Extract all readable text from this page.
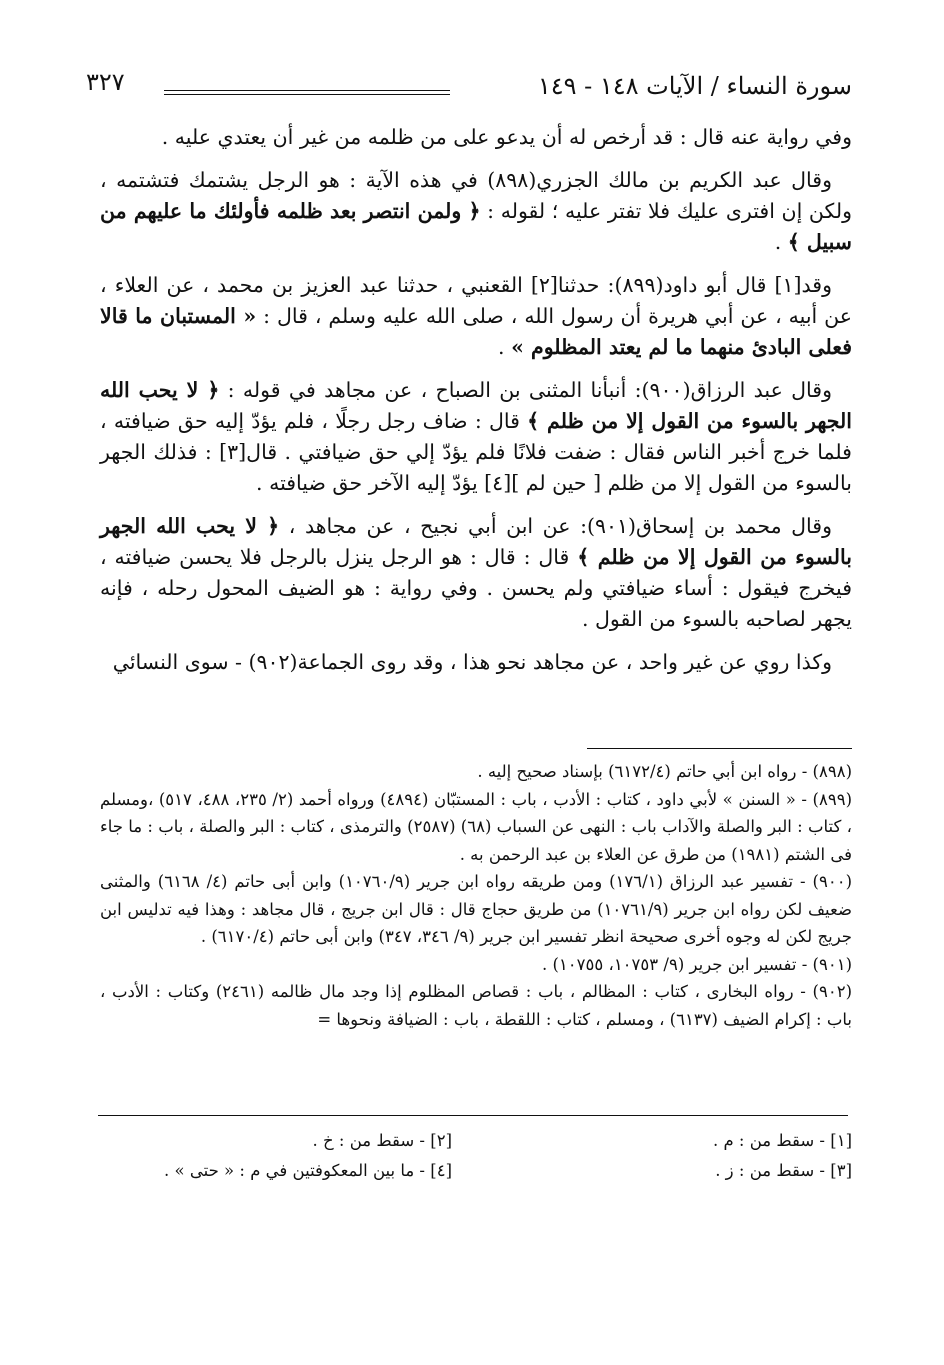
سورة النساء / الآيات ١٤٨ - ١٤٩
٣٢٧

وفي رواية عنه قال : قد أرخص له أن يدعو على من ظلمه من غير أن يعتدي عليه .

وقال عبد الكريم بن مالك الجزري(٨٩٨) في هذه الآية : هو الرجل يشتمك فتشتمه ، ولكن إن افترى عليك فلا تفتر عليه ؛ لقوله : ﴿ ولمن انتصر بعد ظلمه فأولئك ما عليهم من سبيل ﴾ .

وقد[١] قال أبو داود(٨٩٩): حدثنا[٢] القعنبي ، حدثنا عبد العزيز بن محمد ، عن العلاء ، عن أبيه ، عن أبي هريرة أن رسول الله ، صلى الله عليه وسلم ، قال : « المستبان ما قالا فعلى البادئ منهما ما لم يعتد المظلوم » .

وقال عبد الرزاق(٩٠٠): أنبأنا المثنى بن الصباح ، عن مجاهد في قوله : ﴿ لا يحب الله الجهر بالسوء من القول إلا من ظلم ﴾ قال : ضاف رجل رجلًا ، فلم يؤدّ إليه حق ضيافته ، فلما خرج أخبر الناس فقال : ضفت فلانًا فلم يؤدّ إلي حق ضيافتي . قال[٣] : فذلك الجهر بالسوء من القول إلا من ظلم [ حين لم ][٤] يؤدّ إليه الآخر حق ضيافته .

وقال محمد بن إسحاق(٩٠١): عن ابن أبي نجيح ، عن مجاهد ، ﴿ لا يحب الله الجهر بالسوء من القول إلا من ظلم ﴾ قال : قال : هو الرجل ينزل بالرجل فلا يحسن ضيافته ، فيخرج فيقول : أساء ضيافتي ولم يحسن . وفي رواية : هو الضيف المحول رحله ، فإنه يجهر لصاحبه بالسوء من القول .

وكذا روي عن غير واحد ، عن مجاهد نحو هذا ، وقد روى الجماعة(٩٠٢) - سوى النسائي

(٨٩٨) - رواه ابن أبي حاتم (٦١٧٢/٤) بإسناد صحيح إليه .

(٨٩٩) - « السنن » لأبي داود ، كتاب : الأدب ، باب : المستبّان (٤٨٩٤) ورواه أحمد (٢/ ٢٣٥، ٤٨٨، ٥١٧) ،ومسلم ، كتاب : البر والصلة والآداب باب : النهى عن السباب (٦٨) (٢٥٨٧) والترمذى ، كتاب : البر والصلة ، باب : ما جاء فى الشتم (١٩٨١) من طرق عن العلاء بن عبد الرحمن به .

(٩٠٠) - تفسير عبد الرزاق (١٧٦/١) ومن طريقه رواه ابن جرير (١٠٧٦٠/٩) وابن أبى حاتم (٤/ ٦١٦٨) والمثنى ضعيف لكن رواه ابن جرير (١٠٧٦١/٩) من طريق حجاج قال : قال ابن جريج ، قال مجاهد : وهذا فيه تدليس ابن جريج لكن له وجوه أخرى صحيحة انظر تفسير ابن جرير (٩/ ٣٤٦، ٣٤٧) وابن أبى حاتم (٦١٧٠/٤) .

(٩٠١) - تفسير ابن جرير (٩/ ١٠٧٥٣، ١٠٧٥٥) .

(٩٠٢) - رواه البخارى ، كتاب : المظالم ، باب : قصاص المظلوم إذا وجد مال ظالمه (٢٤٦١) وكتاب : الأدب ، باب : إكرام الضيف (٦١٣٧) ، ومسلم ، كتاب : اللقطة ، باب : الضيافة ونحوها =

[١] - سقط من : م .
[٣] - سقط من : ز .
[٢] - سقط من : خ .
[٤] - ما بين المعكوفتين في م : « حتى » .
